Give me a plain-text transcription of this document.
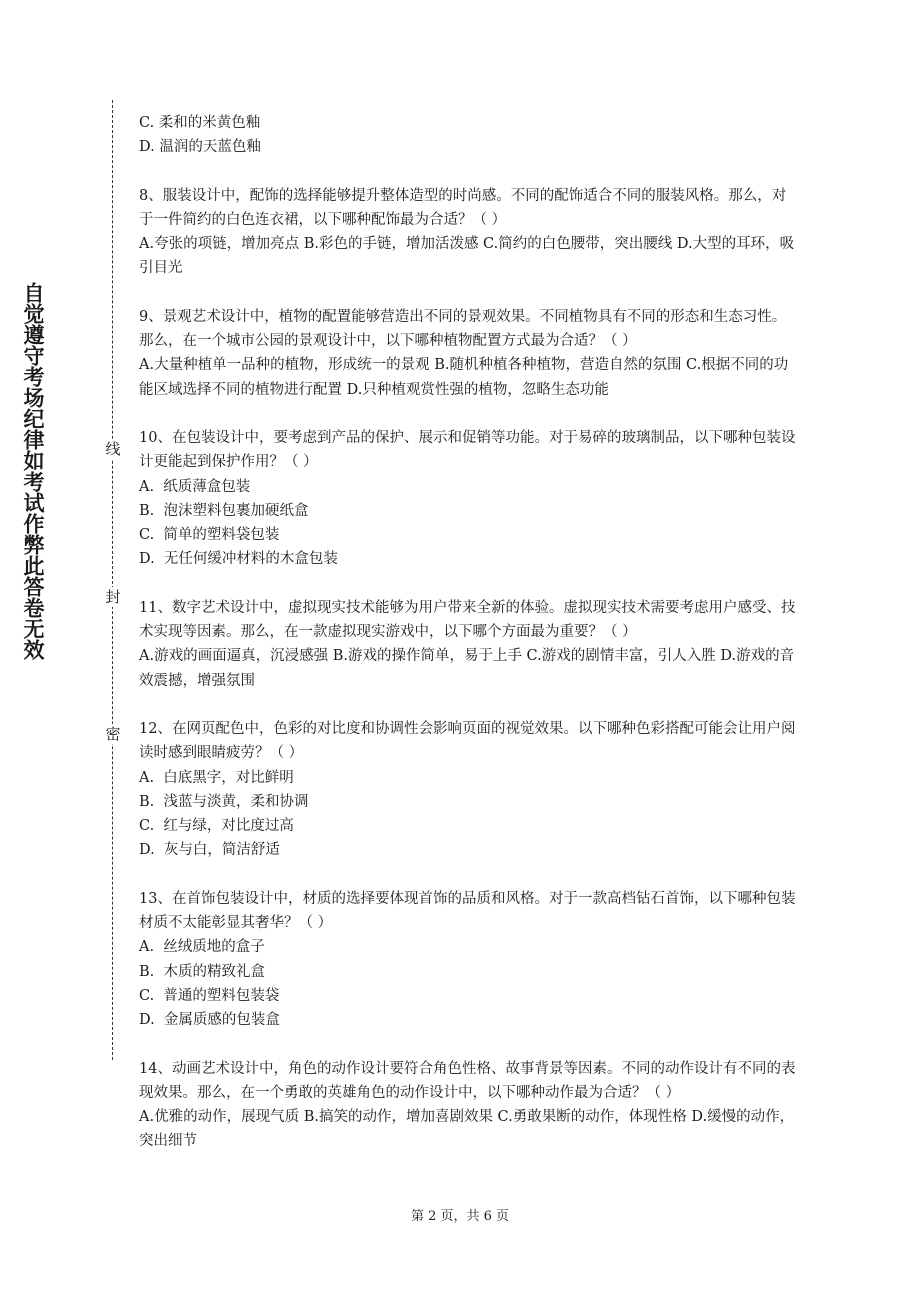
自觉遵守考场纪律如考试作弊此答卷无效	线
封
密

C. 柔和的米黄色釉

D. 温润的天蓝色釉

8、服装设计中，配饰的选择能够提升整体造型的时尚感。不同的配饰适合不同的服装风格。那么，对于一件简约的白色连衣裙，以下哪种配饰最为合适？（ ）

A.夸张的项链，增加亮点 B.彩色的手链，增加活泼感 C.简约的白色腰带，突出腰线 D.大型的耳环，吸引目光

9、景观艺术设计中，植物的配置能够营造出不同的景观效果。不同植物具有不同的形态和生态习性。那么，在一个城市公园的景观设计中，以下哪种植物配置方式最为合适？（ ）

A.大量种植单一品种的植物，形成统一的景观 B.随机种植各种植物，营造自然的氛围 C.根据不同的功能区域选择不同的植物进行配置 D.只种植观赏性强的植物，忽略生态功能

10、在包装设计中，要考虑到产品的保护、展示和促销等功能。对于易碎的玻璃制品，以下哪种包装设计更能起到保护作用？（ ）

A.  纸质薄盒包装

B.  泡沫塑料包裹加硬纸盒

C.  简单的塑料袋包装

D.  无任何缓冲材料的木盒包装

11、数字艺术设计中，虚拟现实技术能够为用户带来全新的体验。虚拟现实技术需要考虑用户感受、技术实现等因素。那么，在一款虚拟现实游戏中，以下哪个方面最为重要？（ ）

A.游戏的画面逼真，沉浸感强 B.游戏的操作简单，易于上手 C.游戏的剧情丰富，引人入胜 D.游戏的音效震撼，增强氛围

12、在网页配色中，色彩的对比度和协调性会影响页面的视觉效果。以下哪种色彩搭配可能会让用户阅读时感到眼睛疲劳？（ ）

A.  白底黑字，对比鲜明

B.  浅蓝与淡黄，柔和协调

C.  红与绿，对比度过高

D.  灰与白，简洁舒适

13、在首饰包装设计中，材质的选择要体现首饰的品质和风格。对于一款高档钻石首饰，以下哪种包装材质不太能彰显其奢华？（ ）

A.  丝绒质地的盒子

B.  木质的精致礼盒

C.  普通的塑料包装袋

D.  金属质感的包装盒

14、动画艺术设计中，角色的动作设计要符合角色性格、故事背景等因素。不同的动作设计有不同的表现效果。那么，在一个勇敢的英雄角色的动作设计中，以下哪种动作最为合适？（ ）

A.优雅的动作，展现气质 B.搞笑的动作，增加喜剧效果 C.勇敢果断的动作，体现性格 D.缓慢的动作，突出细节

第 2 页，共 6 页
